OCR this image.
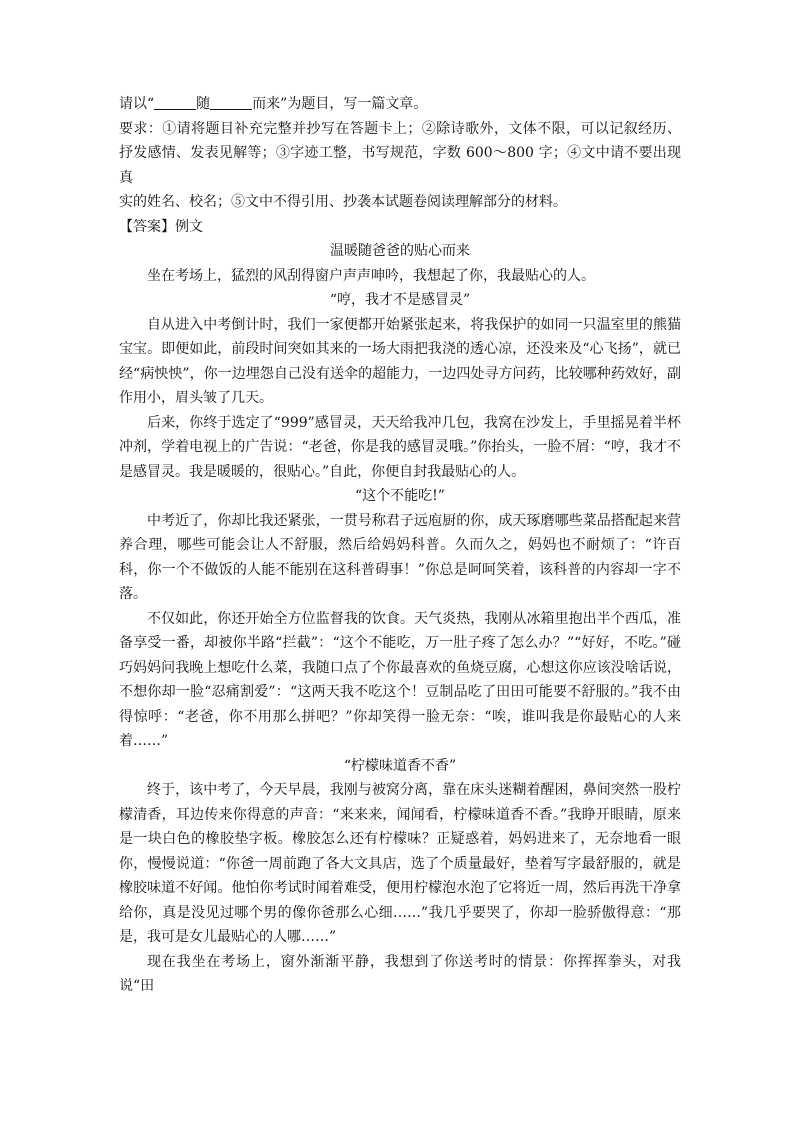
请以“	随	而来”为题目，写一篇文章。

要求：①请将题目补充完整并抄写在答题卡上；②除诗歌外，文体不限，可以记叙经历、

抒发感情、发表见解等；③字迹工整，书写规范，字数 600～800 字；④文中请不要出现真

实的姓名、校名；⑤文中不得引用、抄袭本试题卷阅读理解部分的材料。

【答案】例文

温暖随爸爸的贴心而来

坐在考场上，猛烈的风刮得窗户声声呻吟，我想起了你，我最贴心的人。

“哼，我才不是感冒灵”

自从进入中考倒计时，我们一家便都开始紧张起来，将我保护的如同一只温室里的熊猫宝宝。即便如此，前段时间突如其来的一场大雨把我浇的透心凉，还没来及“心飞扬”，就已经“病怏怏”，你一边埋怨自己没有送伞的超能力，一边四处寻方问药，比较哪种药效好，副作用小，眉头皱了几天。

后来，你终于选定了“999”感冒灵，天天给我冲几包，我窝在沙发上，手里摇晃着半杯冲剂，学着电视上的广告说：“老爸，你是我的感冒灵哦。”你抬头，一脸不屑：“哼，我才不是感冒灵。我是暖暖的，很贴心。”自此，你便自封我最贴心的人。

“这个不能吃!”

中考近了，你却比我还紧张，一贯号称君子远庖厨的你，成天琢磨哪些菜品搭配起来营养合理，哪些可能会让人不舒服，然后给妈妈科普。久而久之，妈妈也不耐烦了：“许百科，你一个不做饭的人能不能别在这科普碍事！”你总是呵呵笑着，该科普的内容却一字不落。

不仅如此，你还开始全方位监督我的饮食。天气炎热，我刚从冰箱里抱出半个西瓜，准备享受一番，却被你半路“拦截”：“这个不能吃，万一肚子疼了怎么办？”“好好，不吃。”碰巧妈妈问我晚上想吃什么菜，我随口点了个你最喜欢的鱼烧豆腐，心想这你应该没啥话说，不想你却一脸“忍痛割爱”：“这两天我不吃这个！豆制品吃了田田可能要不舒服的。”我不由得惊呼：“老爸，你不用那么拼吧？”你却笑得一脸无奈：“唉，谁叫我是你最贴心的人来着……”

“柠檬味道香不香”

终于，该中考了，今天早晨，我刚与被窝分离，靠在床头迷糊着醒困，鼻间突然一股柠檬清香，耳边传来你得意的声音：“来来来，闻闻看，柠檬味道香不香。”我睁开眼睛，原来是一块白色的橡胶垫字板。橡胶怎么还有柠檬味？正疑惑着，妈妈进来了，无奈地看一眼你，慢慢说道：“你爸一周前跑了各大文具店，选了个质量最好，垫着写字最舒服的，就是橡胶味道不好闻。他怕你考试时闻着难受，便用柠檬泡水泡了它将近一周，然后再洗干净拿给你，真是没见过哪个男的像你爸那么心细……”我几乎要哭了，你却一脸骄傲得意：“那是，我可是女儿最贴心的人哪……”

现在我坐在考场上，窗外渐渐平静，我想到了你送考时的情景：你挥挥拳头，对我说“田
